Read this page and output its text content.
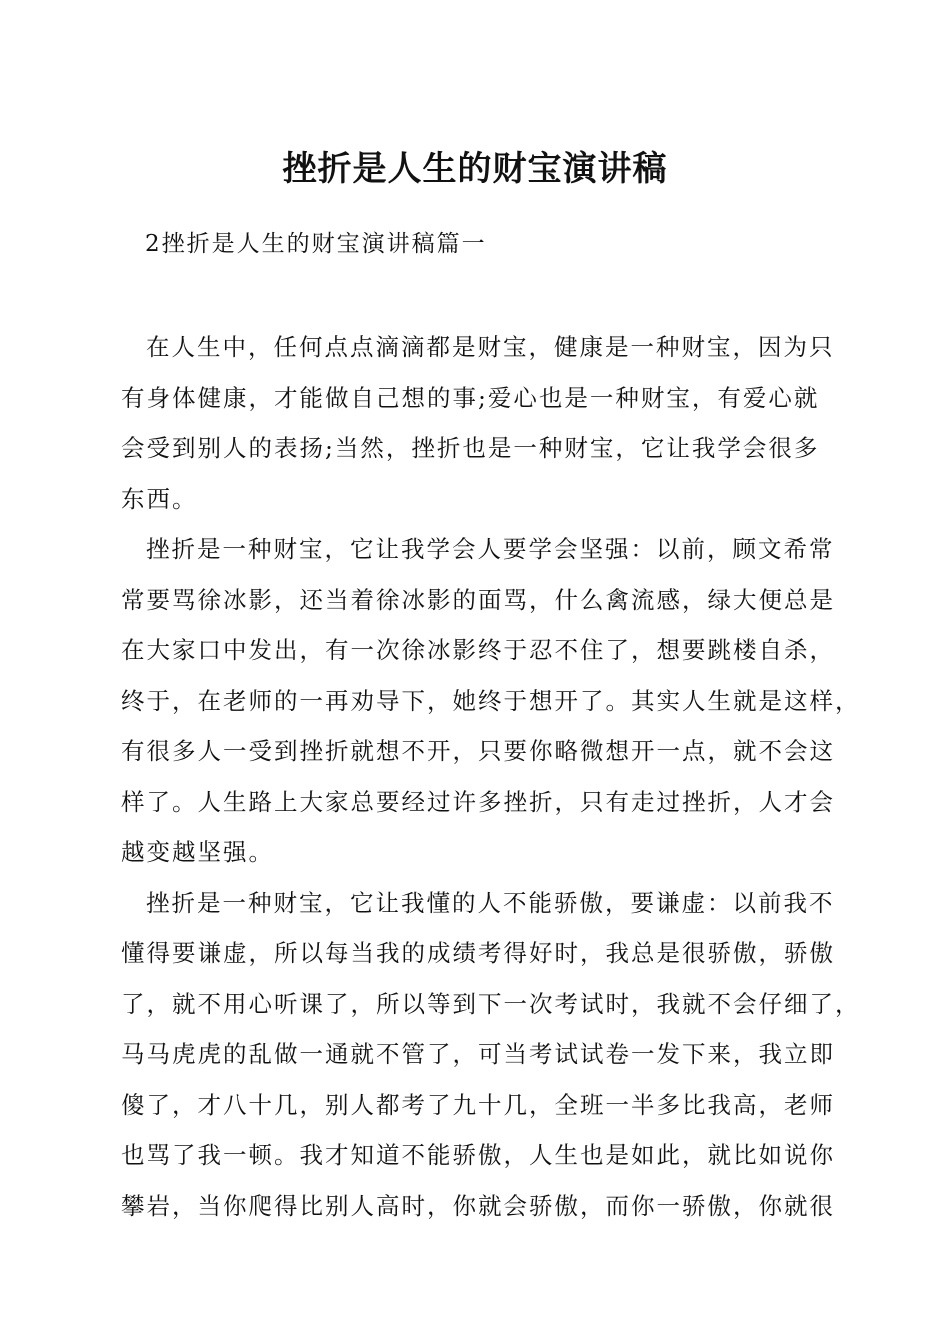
挫折是人生的财宝演讲稿
2挫折是人生的财宝演讲稿篇一

在人生中，任何点点滴滴都是财宝，健康是一种财宝，因为只
有身体健康，才能做自己想的事;爱心也是一种财宝，有爱心就
会受到别人的表扬;当然，挫折也是一种财宝，它让我学会很多
东西。

挫折是一种财宝，它让我学会人要学会坚强：以前，顾文希常
常要骂徐冰影，还当着徐冰影的面骂，什么禽流感，绿大便总是
在大家口中发出，有一次徐冰影终于忍不住了，想要跳楼自杀，
终于，在老师的一再劝导下，她终于想开了。其实人生就是这样，
有很多人一受到挫折就想不开，只要你略微想开一点，就不会这
样了。人生路上大家总要经过许多挫折，只有走过挫折，人才会
越变越坚强。

挫折是一种财宝，它让我懂的人不能骄傲，要谦虚：以前我不
懂得要谦虚，所以每当我的成绩考得好时，我总是很骄傲，骄傲
了，就不用心听课了，所以等到下一次考试时，我就不会仔细了，
马马虎虎的乱做一通就不管了，可当考试试卷一发下来，我立即
傻了，才八十几，别人都考了九十几，全班一半多比我高，老师
也骂了我一顿。我才知道不能骄傲，人生也是如此，就比如说你
攀岩，当你爬得比别人高时，你就会骄傲，而你一骄傲，你就很
